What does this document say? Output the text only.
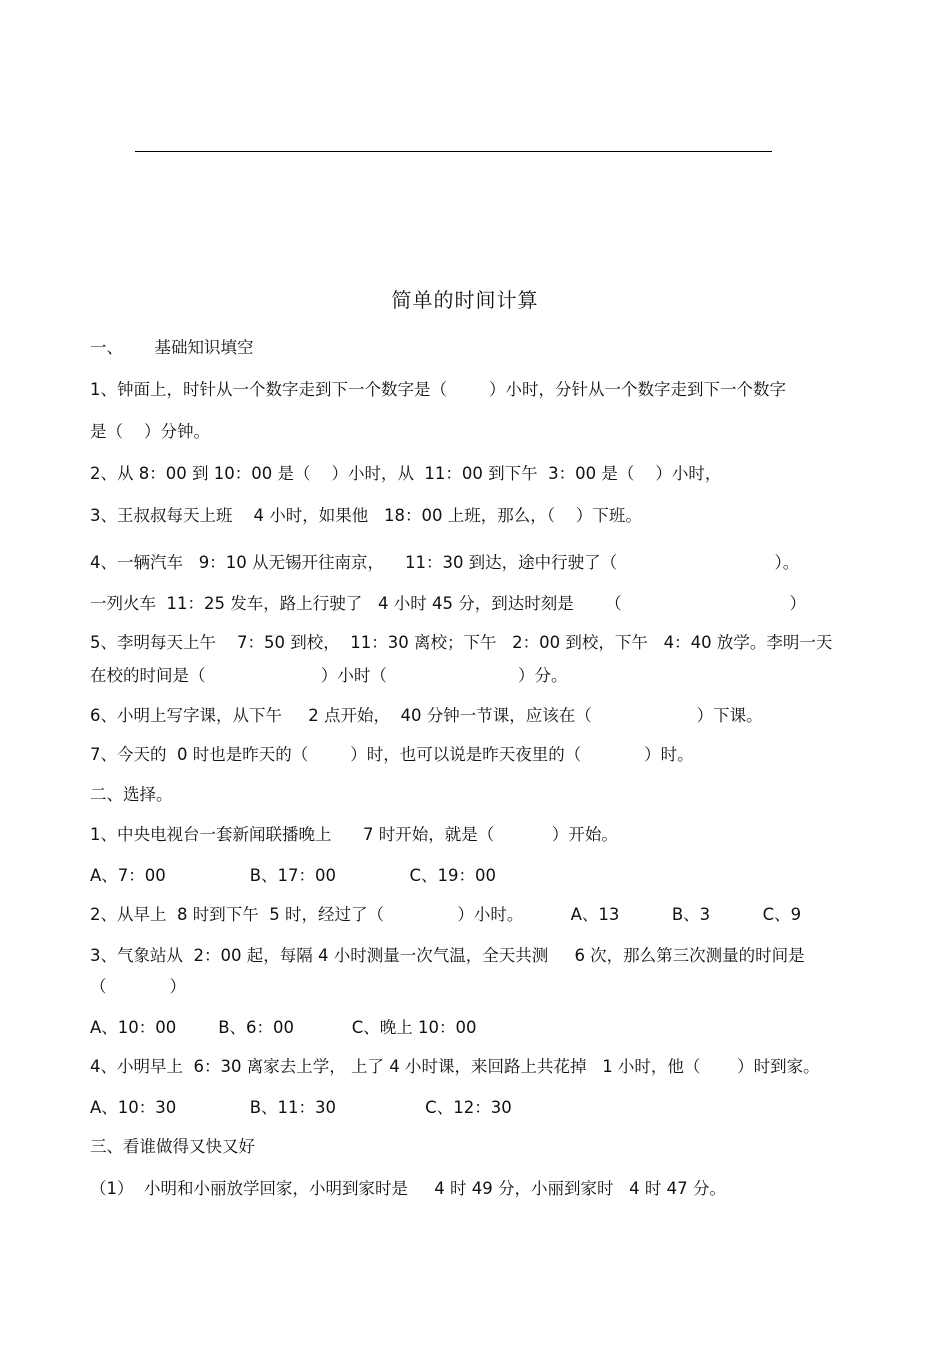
简单的时间计算
一、      基础知识填空
1、钟面上，时针从一个数字走到下一个数字是（        ）小时，分针从一个数字走到下一个数字
是（    ）分钟。
2、从 8：00 到 10：00 是（    ）小时，从  11：00 到下午  3：00 是（    ）小时，
3、王叔叔每天上班    4 小时，如果他   18：00 上班，那么，（    ）下班。
4、一辆汽车   9：10 从无锡开往南京，    11：30 到达，途中行驶了（                              ）。
一列火车  11：25 发车，路上行驶了   4 小时 45 分，到达时刻是      （                                ）
5、李明每天上午    7：50 到校，  11：30 离校；下午   2：00 到校，下午   4：40 放学。李明一天
在校的时间是（                      ）小时（                         ）分。
6、小明上写字课，从下午     2 点开始，  40 分钟一节课，应该在（                    ）下课。
7、今天的  0 时也是昨天的（        ）时，也可以说是昨天夜里的（            ）时。
二、选择。
1、中央电视台一套新闻联播晚上      7 时开始，就是（           ）开始。
A、7：00                B、17：00              C、19：00
2、从早上  8 时到下午  5 时，经过了（              ）小时。         A、13          B、3          C、9
3、气象站从  2：00 起，每隔 4 小时测量一次气温，全天共测     6 次，那么第三次测量的时间是
（            ）
A、10：00        B、6：00           C、晚上 10：00
4、小明早上  6：30 离家去上学， 上了 4 小时课，来回路上共花掉   1 小时，他（       ）时到家。
A、10：30              B、11：30                 C、12：30
三、看谁做得又快又好
（1）  小明和小丽放学回家，小明到家时是     4 时 49 分，小丽到家时   4 时 47 分。
